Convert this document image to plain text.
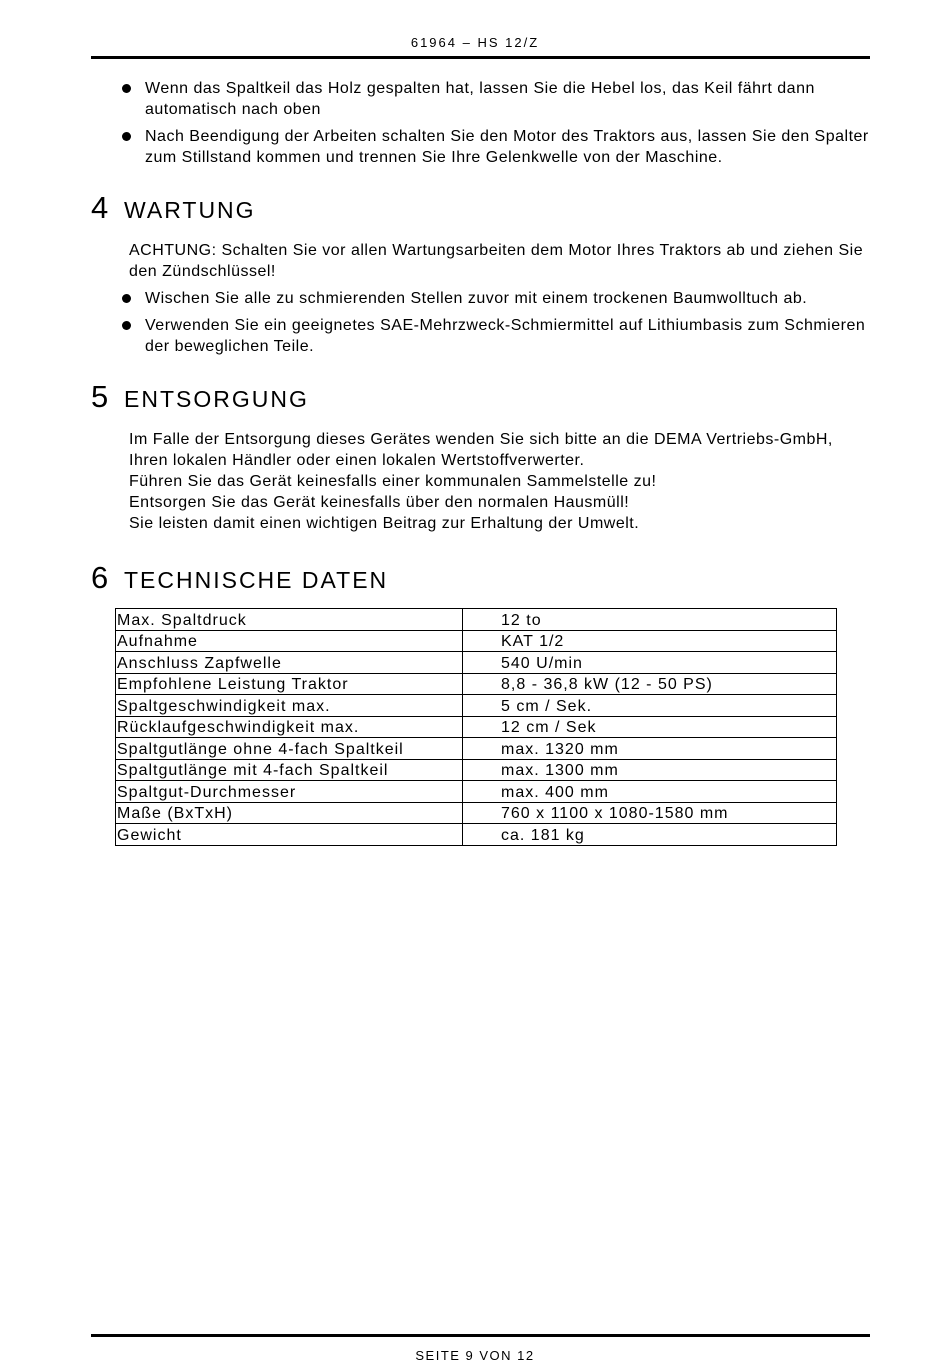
61964 – HS 12/Z
Wenn das Spaltkeil das Holz gespalten hat, lassen Sie die Hebel los, das Keil fährt dann automatisch nach oben
Nach Beendigung der Arbeiten schalten Sie den Motor des Traktors aus, lassen Sie den Spalter zum Stillstand kommen und trennen Sie Ihre Gelenkwelle von der Maschine.
4 WARTUNG

ACHTUNG: Schalten Sie vor allen Wartungsarbeiten dem Motor Ihres Traktors ab und ziehen Sie den Zündschlüssel!

Wischen Sie alle zu schmierenden Stellen zuvor mit einem trockenen Baumwolltuch ab.
Verwenden Sie ein geeignetes SAE-Mehrzweck-Schmiermittel auf Lithiumbasis zum Schmieren der beweglichen Teile.
5 ENTSORGUNG

Im Falle der Entsorgung dieses Gerätes wenden Sie sich bitte an die DEMA Vertriebs-GmbH, Ihren lokalen Händler oder einen lokalen Wertstoffverwerter.
Führen Sie das Gerät keinesfalls einer kommunalen Sammelstelle zu!
Entsorgen Sie das Gerät keinesfalls über den normalen Hausmüll!
Sie leisten damit einen wichtigen Beitrag zur Erhaltung der Umwelt.

6 TECHNISCHE DATEN
Max. Spaltdruck	12 to
Aufnahme	KAT 1/2
Anschluss Zapfwelle	540 U/min
Empfohlene Leistung Traktor	8,8 - 36,8 kW (12 - 50 PS)
Spaltgeschwindigkeit max.	5 cm / Sek.
Rücklaufgeschwindigkeit max.	12 cm / Sek
Spaltgutlänge ohne 4-fach Spaltkeil	max. 1320 mm
Spaltgutlänge mit 4-fach Spaltkeil	max. 1300 mm
Spaltgut-Durchmesser	max. 400 mm
Maße (BxTxH)	760 x 1100 x 1080-1580 mm
Gewicht	ca. 181 kg
SEITE 9 VON 12
